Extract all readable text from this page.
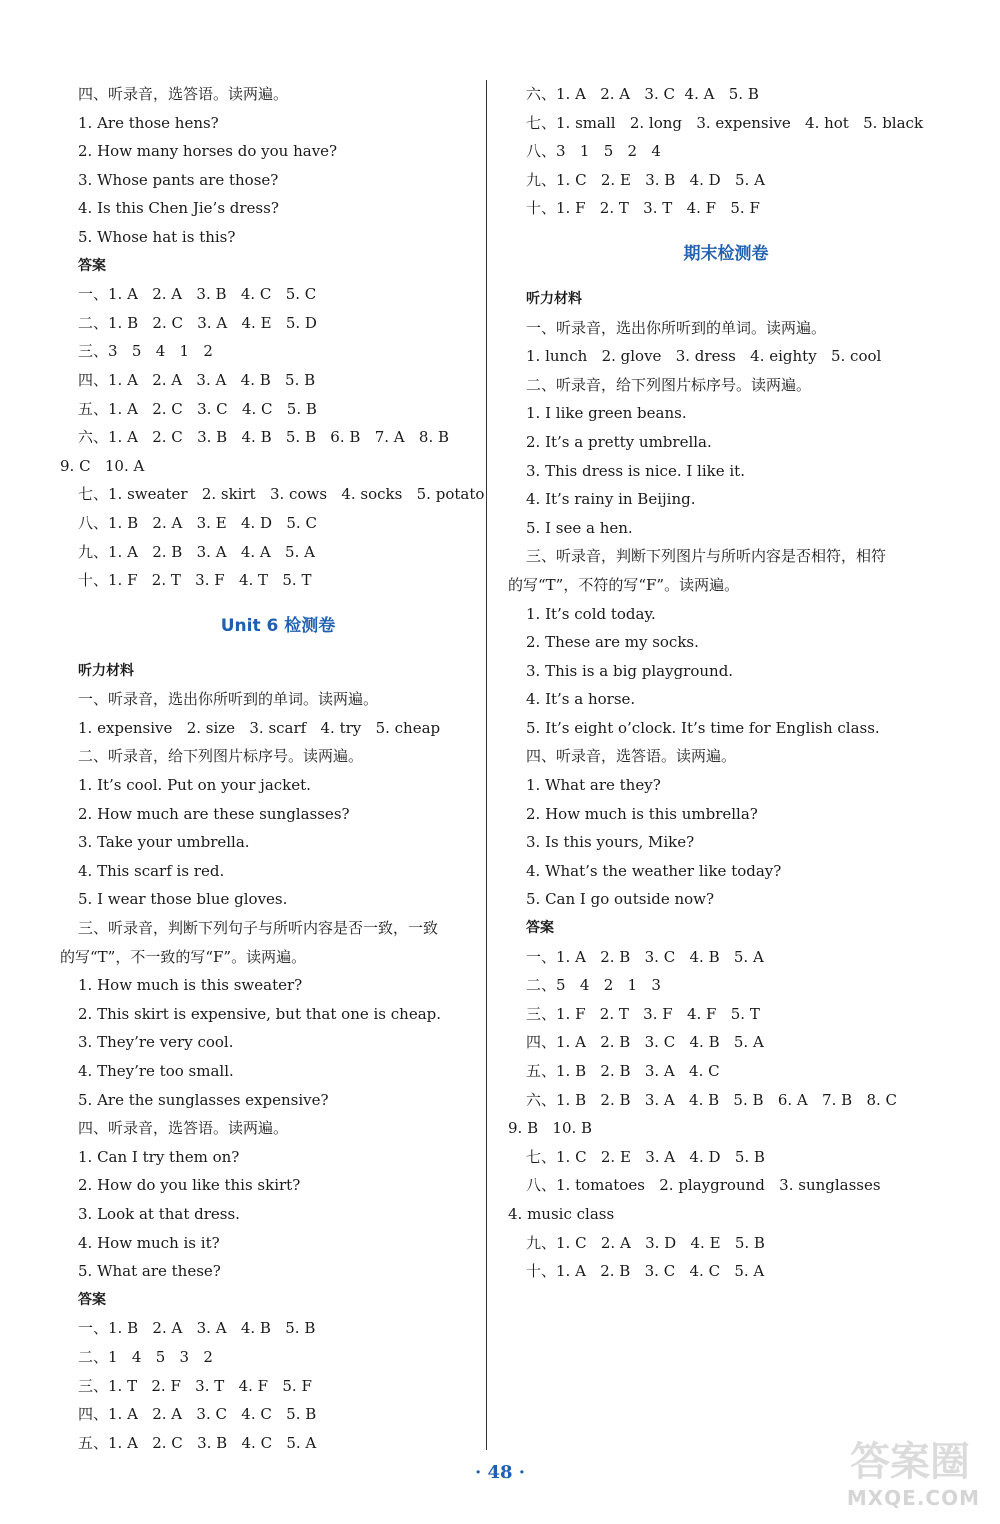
四、听录音，选答语。读两遍。
1. Are those hens?
2. How many horses do you have?
3. Whose pants are those?
4. Is this Chen Jie’s dress?
5. Whose hat is this?
答案
一、1. A   2. A   3. B   4. C   5. C
二、1. B   2. C   3. A   4. E   5. D
三、3   5   4   1   2
四、1. A   2. A   3. A   4. B   5. B
五、1. A   2. C   3. C   4. C   5. B
六、1. A   2. C   3. B   4. B   5. B   6. B   7. A   8. B
9. C   10. A
七、1. sweater   2. skirt   3. cows   4. socks   5. potato
八、1. B   2. A   3. E   4. D   5. C
九、1. A   2. B   3. A   4. A   5. A
十、1. F   2. T   3. F   4. T   5. T
Unit 6 检测卷
听力材料
一、听录音，选出你所听到的单词。读两遍。
1. expensive   2. size   3. scarf   4. try   5. cheap
二、听录音，给下列图片标序号。读两遍。
1. It’s cool. Put on your jacket.
2. How much are these sunglasses?
3. Take your umbrella.
4. This scarf is red.
5. I wear those blue gloves.
三、听录音，判断下列句子与所听内容是否一致，一致
的写“T”，不一致的写“F”。读两遍。
1. How much is this sweater?
2. This skirt is expensive, but that one is cheap.
3. They’re very cool.
4. They’re too small.
5. Are the sunglasses expensive?
四、听录音，选答语。读两遍。
1. Can I try them on?
2. How do you like this skirt?
3. Look at that dress.
4. How much is it?
5. What are these?
答案
一、1. B   2. A   3. A   4. B   5. B
二、1   4   5   3   2
三、1. T   2. F   3. T   4. F   5. F
四、1. A   2. A   3. C   4. C   5. B
五、1. A   2. C   3. B   4. C   5. A
六、1. A   2. A   3. C  4. A   5. B
七、1. small   2. long   3. expensive   4. hot   5. black
八、3   1   5   2   4
九、1. C   2. E   3. B   4. D   5. A
十、1. F   2. T   3. T   4. F   5. F
期末检测卷
听力材料
一、听录音，选出你所听到的单词。读两遍。
1. lunch   2. glove   3. dress   4. eighty   5. cool
二、听录音，给下列图片标序号。读两遍。
1. I like green beans.
2. It’s a pretty umbrella.
3. This dress is nice. I like it.
4. It’s rainy in Beijing.
5. I see a hen.
三、听录音，判断下列图片与所听内容是否相符，相符
的写“T”，不符的写“F”。读两遍。
1. It’s cold today.
2. These are my socks.
3. This is a big playground.
4. It’s a horse.
5. It’s eight o’clock. It’s time for English class.
四、听录音，选答语。读两遍。
1. What are they?
2. How much is this umbrella?
3. Is this yours, Mike?
4. What’s the weather like today?
5. Can I go outside now?
答案
一、1. A   2. B   3. C   4. B   5. A
二、5   4   2   1   3
三、1. F   2. T   3. F   4. F   5. T
四、1. A   2. B   3. C   4. B   5. A
五、1. B   2. B   3. A   4. C
六、1. B   2. B   3. A   4. B   5. B   6. A   7. B   8. C
9. B   10. B
七、1. C   2. E   3. A   4. D   5. B
八、1. tomatoes   2. playground   3. sunglasses
4. music class
九、1. C   2. A   3. D   4. E   5. B
十、1. A   2. B   3. C   4. C   5. A
· 48 ·	答案圈
MXQE.COM
